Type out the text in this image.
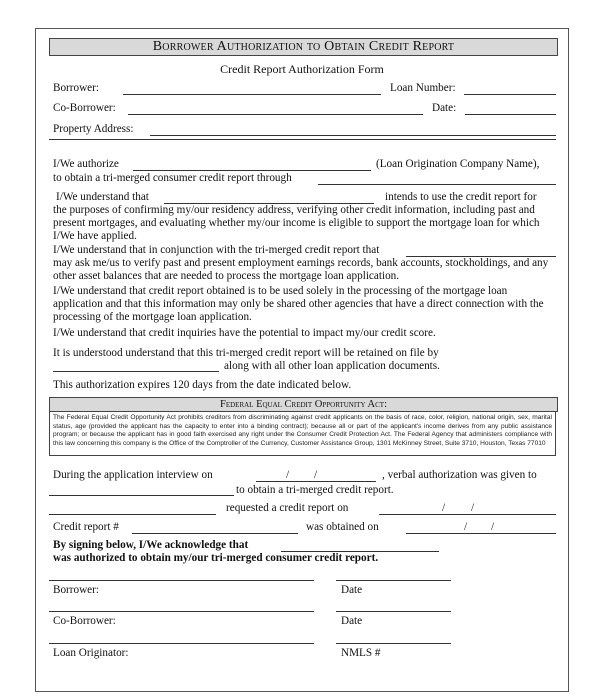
Borrower Authorization to Obtain Credit Report
Credit Report Authorization Form
Borrower:	Loan Number:
Co-Borrower:	Date:
Property Address:
I/We authorize	(Loan Origination Company Name),
to obtain a tri-merged consumer credit report through
I/We understand that	intends to use the credit report for
the purposes of confirming my/our residency address, verifying other credit information, including past and present mortgages, and evaluating whether my/our income is eligible to support the mortgage loan for which I/We have applied.
I/We understand that in conjunction with the tri-merged credit report that
may ask me/us to verify past and present employment earnings records, bank accounts, stockholdings, and any other asset balances that are needed to process the mortgage loan application.
I/We understand that credit report obtained is to be used solely in the processing of the mortgage loan application and that this information may only be shared other agencies that have a direct connection with the processing of the mortgage loan application.
I/We understand that credit inquiries have the potential to impact my/our credit score.
It is understood understand that this tri-merged credit report will be retained on file by
along with all other loan application documents.
This authorization expires 120 days from the date indicated below.
Federal Equal Credit Opportunity Act:
The Federal Equal Credit Opportunity Act prohibits creditors from discriminating against credit applicants on the basis of race, color, religion, national origin, sex, marital status, age (provided the applicant has the capacity to enter into a binding contract); because all or part of the applicant's income derives from any public assistance program; or because the applicant has in good faith exercised any right under the Consumer Credit Protection Act. The Federal Agency that administers compliance with this law concerning this company is the Office of the Comptroller of the Currency, Customer Assistance Group, 1301 McKinney Street, Suite 3710, Houston, Texas 77010
During the application interview on	/ /	, verbal authorization was given to
to obtain a tri-merged credit report.
requested a credit report on	/ /
Credit report #	was obtained on	/ /
By signing below, I/We acknowledge that
was authorized to obtain my/our tri-merged consumer credit report.
Borrower:	Date
Co-Borrower:	Date
Loan Originator:	NMLS #
